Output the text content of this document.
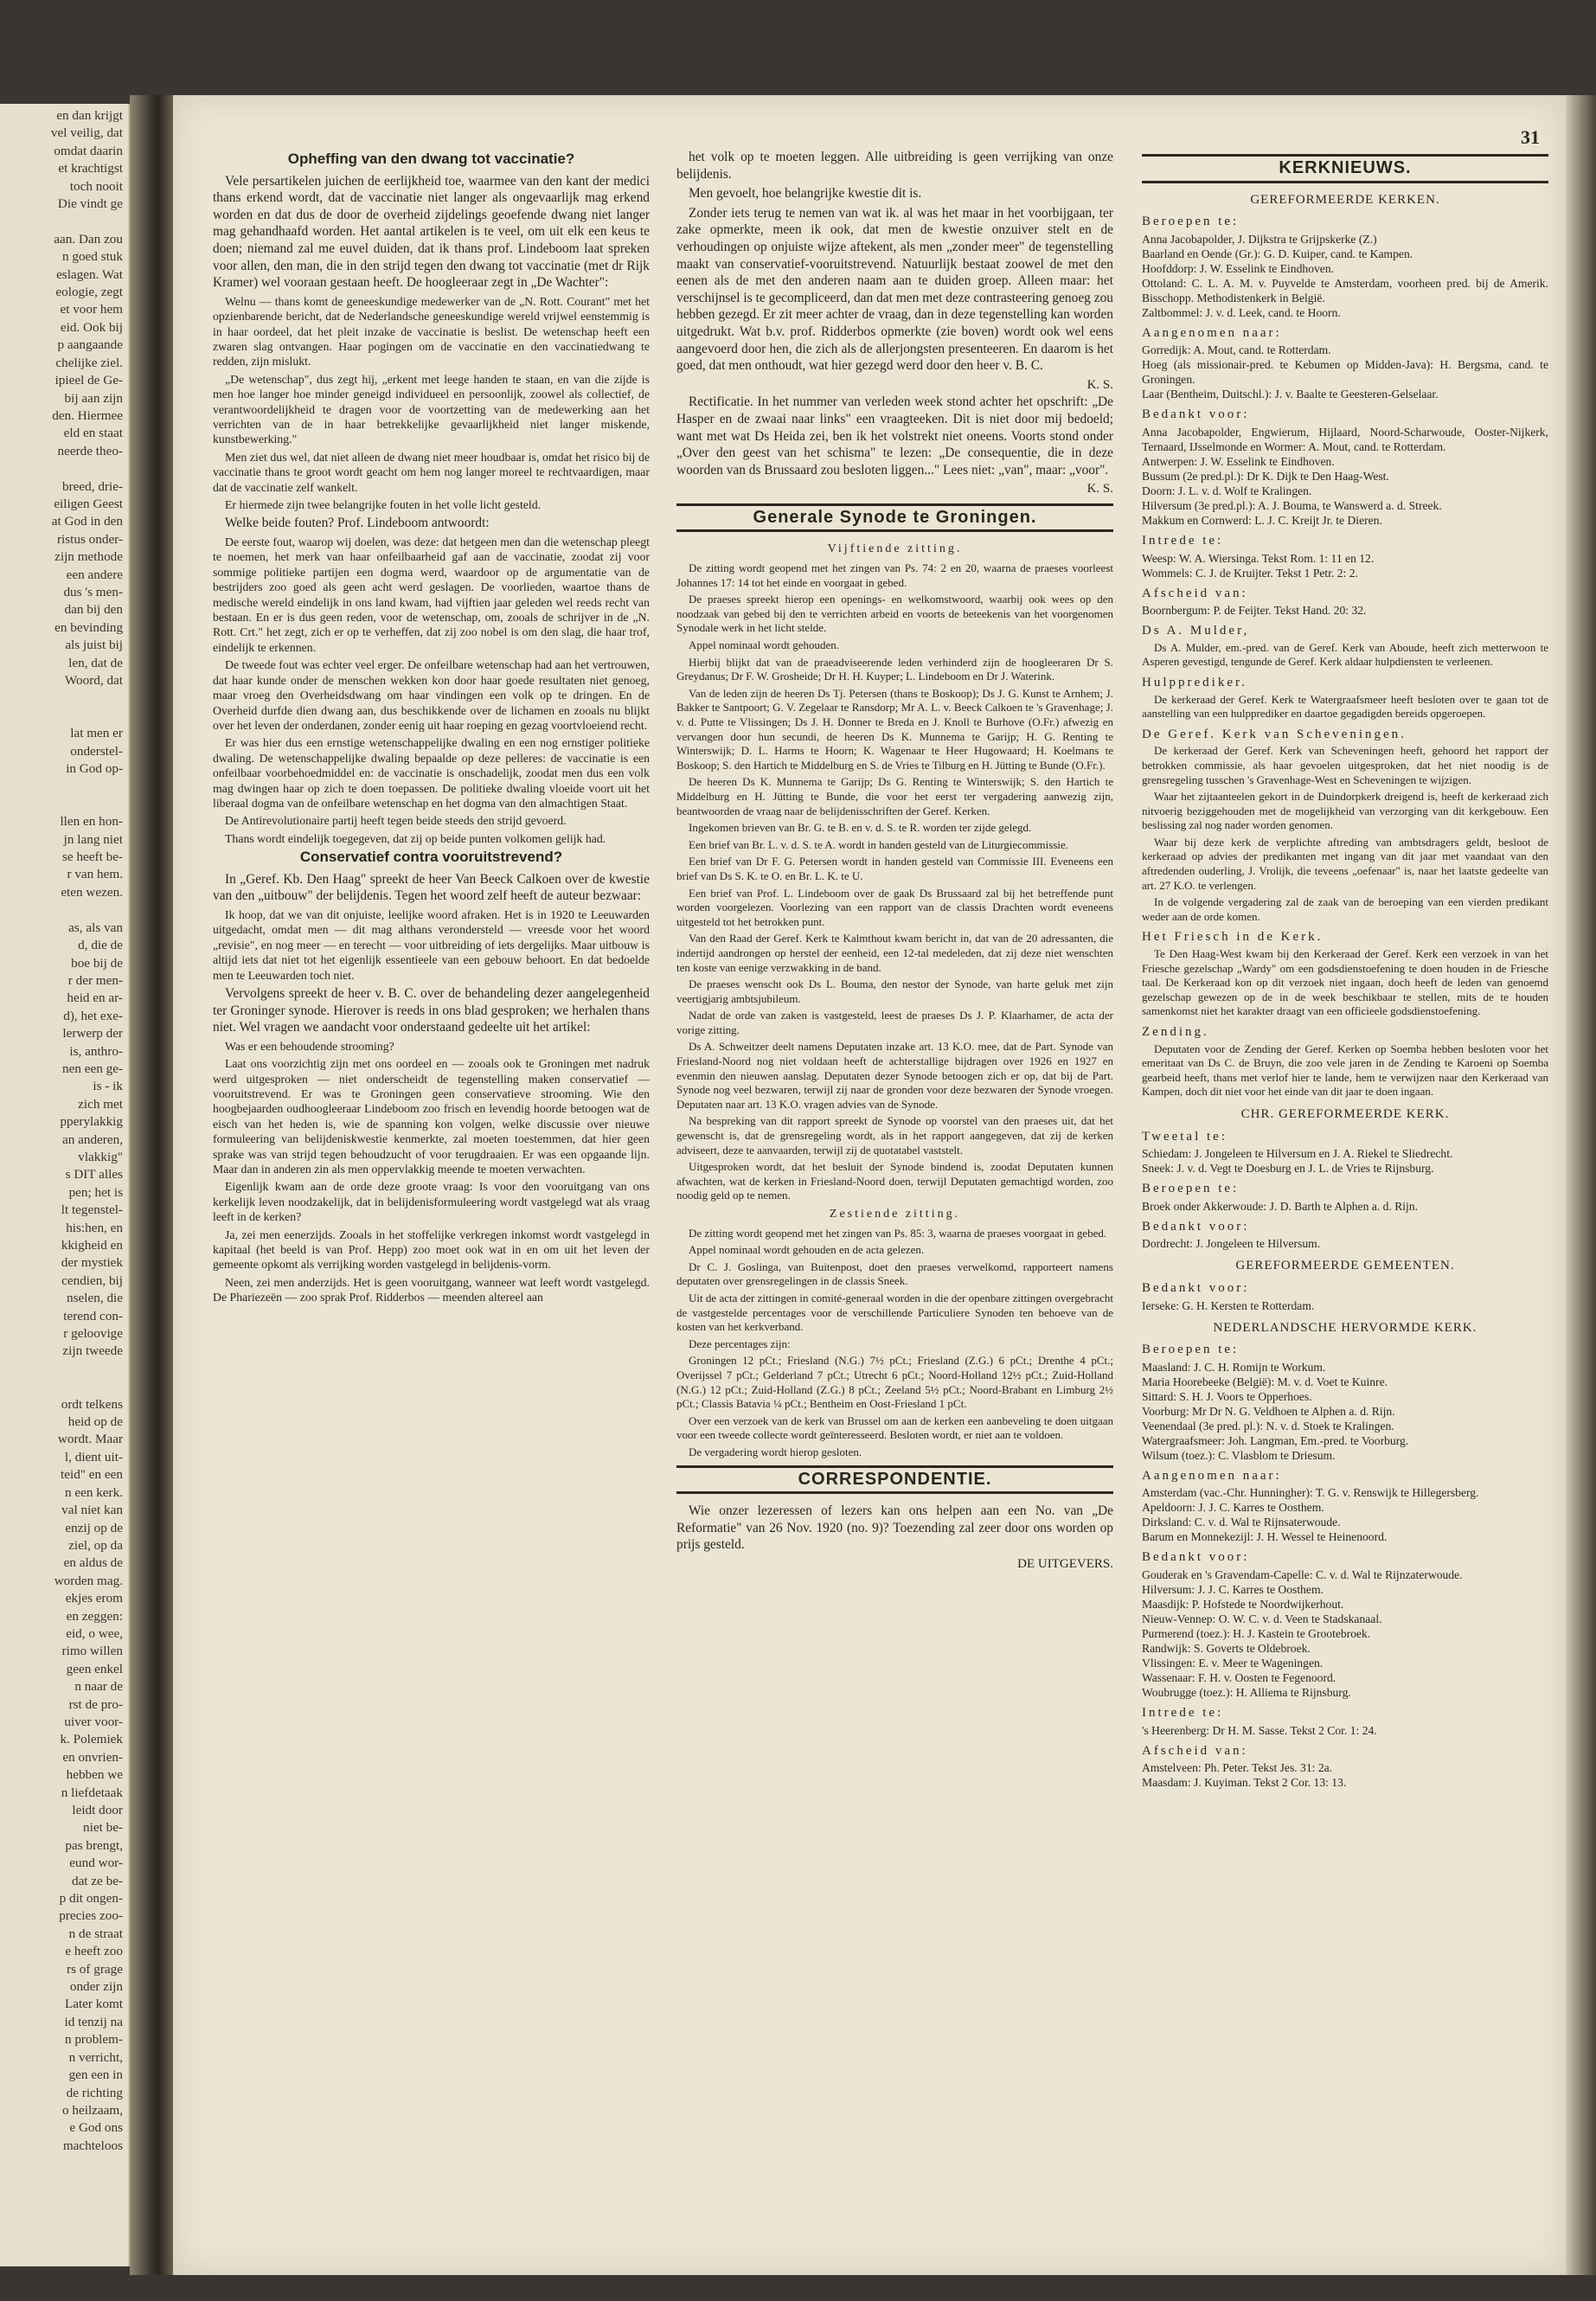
en dan krijgt
vel veilig, dat
omdat daarin
et krachtigst
toch nooit
Die vindt ge

aan. Dan zou
n goed stuk
eslagen. Wat
eologie, zegt
et voor hem
eid. Ook bij
p aangaande
chelijke ziel.
ipieel de Ge-
bij aan zijn
den. Hiermee
eld en staat
neerde theo-

breed, drie-
eiligen Geest
at God in den
ristus onder-
zijn methode
een andere
dus 's men-
dan bij den
en bevinding
als juist bij
len, dat de
Woord, dat

lat men er
onderstel-
in God op-

llen en hon-
jn lang niet
se heeft be-
r van hem.
eten wezen.

as, als van
d, die de
boe bij de
r der men-
heid en ar-
d), het exe-
lerwerp der
is, anthro-
nen een ge-
is - ik
zich met
pperylakkig
an anderen,
vlakkig"
s DIT alles
pen; het is
lt tegenstel-
his:hen, en
kkigheid en
der mystiek
cendien, bij
nselen, die
terend con-
r geloovige
zijn tweede

ordt telkens
heid op de
wordt. Maar
l, dient uit-
teid" en een
n een kerk.
val niet kan
enzij op de
ziel, op da
en aldus de
worden mag.
ekjes erom
en zeggen:
eid, o wee,
rimo willen
geen enkel
n naar de
rst de pro-
uiver voor-
k. Polemiek
en onvrien-
hebben we
n liefdetaak
leidt door
niet be-
pas brengt,
eund wor-
dat ze be-
p dit ongen-
precies zoo-
n de straat
e heeft zoo
rs of grage
onder zijn
Later komt
id tenzij na
n problem-
n verricht,
gen een in
de richting
o heilzaam,
e God ons
machteloos
31
Opheffing van den dwang tot vaccinatie?

Vele persartikelen juichen de eerlijkheid toe, waarmee van den kant der medici thans erkend wordt, dat de vaccinatie niet langer als ongevaarlijk mag erkend worden en dat dus de door de overheid zijdelings geoefende dwang niet langer mag gehandhaafd worden. Het aantal artikelen is te veel, om uit elk een keus te doen; niemand zal me euvel duiden, dat ik thans prof. Lindeboom laat spreken voor allen, den man, die in den strijd tegen den dwang tot vaccinatie (met dr Rijk Kramer) wel vooraan gestaan heeft. De hoogleeraar zegt in „De Wachter":

Welnu — thans komt de geneeskundige medewerker van de „N. Rott. Courant" met het opzienbarende bericht, dat de Nederlandsche geneeskundige wereld vrijwel eenstemmig is in haar oordeel, dat het pleit inzake de vaccinatie is beslist. De wetenschap heeft een zwaren slag ontvangen. Haar pogingen om de vaccinatie en den vaccinatiedwang te redden, zijn mislukt.

„De wetenschap", dus zegt hij, „erkent met leege handen te staan, en van die zijde is men hoe langer hoe minder geneigd individueel en persoonlijk, zoowel als collectief, de verantwoordelijkheid te dragen voor de voortzetting van de medewerking aan het verrichten van de in haar betrekkelijke gevaarlijkheid niet langer miskende, kunstbewerking."

Men ziet dus wel, dat niet alleen de dwang niet meer houdbaar is, omdat het risico bij de vaccinatie thans te groot wordt geacht om hem nog langer moreel te rechtvaardigen, maar dat de vaccinatie zelf wankelt.

Er hiermede zijn twee belangrijke fouten in het volle licht gesteld.

Welke beide fouten? Prof. Lindeboom antwoordt:

De eerste fout, waarop wij doelen, was deze: dat hetgeen men dan die wetenschap pleegt te noemen, het merk van haar onfeilbaarheid gaf aan de vaccinatie, zoodat zij voor sommige politieke partijen een dogma werd, waardoor op de argumentatie van de bestrijders zoo goed als geen acht werd geslagen. De voorlieden, waartoe thans de medische wereld eindelijk in ons land kwam, had vijftien jaar geleden wel reeds recht van bestaan. En er is dus geen reden, voor de wetenschap, om, zooals de schrijver in de „N. Rott. Crt." het zegt, zich er op te verheffen, dat zij zoo nobel is om den slag, die haar trof, eindelijk te erkennen.

De tweede fout was echter veel erger. De onfeilbare wetenschap had aan het vertrouwen, dat haar kunde onder de menschen wekken kon door haar goede resultaten niet genoeg, maar vroeg den Overheidsdwang om haar vindingen een volk op te dringen. En de Overheid durfde dien dwang aan, dus beschikkende over de lichamen en zooals nu blijkt over het leven der onderdanen, zonder eenig uit haar roeping en gezag voortvloeiend recht.

Er was hier dus een ernstige wetenschappelijke dwaling en een nog ernstiger politieke dwaling. De wetenschappelijke dwaling bepaalde op deze pelleres: de vaccinatie is een onfeilbaar voorbehoedmiddel en: de vaccinatie is onschadelijk, zoodat men dus een volk mag dwingen haar op zich te doen toepassen. De politieke dwaling vloeide voort uit het liberaal dogma van de onfeilbare wetenschap en het dogma van den almachtigen Staat.

De Antirevolutionaire partij heeft tegen beide steeds den strijd gevoerd.

Thans wordt eindelijk toegegeven, dat zij op beide punten volkomen gelijk had.

Conservatief contra vooruitstrevend?

In „Geref. Kb. Den Haag" spreekt de heer Van Beeck Calkoen over de kwestie van den „uitbouw" der belijdenis. Tegen het woord zelf heeft de auteur bezwaar:

Ik hoop, dat we van dit onjuiste, leelijke woord afraken. Het is in 1920 te Leeuwarden uitgedacht, omdat men — dit mag althans verondersteld — vreesde voor het woord „revisie", en nog meer — en terecht — voor uitbreiding of iets dergelijks. Maar uitbouw is altijd iets dat niet tot het eigenlijk essentieele van een gebouw behoort. En dat bedoelde men te Leeuwarden toch niet.

Vervolgens spreekt de heer v. B. C. over de behandeling dezer aangelegenheid ter Groninger synode. Hierover is reeds in ons blad gesproken; we herhalen thans niet. Wel vragen we aandacht voor onderstaand gedeelte uit het artikel:

Was er een behoudende strooming?

Laat ons voorzichtig zijn met ons oordeel en — zooals ook te Groningen met nadruk werd uitgesproken — niet onderscheidt de tegenstelling maken conservatief — vooruitstrevend. Er was te Groningen geen conservatieve strooming. Wie den hoogbejaarden oudhoogleeraar Lindeboom zoo frisch en levendig hoorde betoogen wat de eisch van het heden is, wie de spanning kon volgen, welke discussie over nieuwe formuleering van belijdeniskwestie kenmerkte, zal moeten toestemmen, dat hier geen sprake was van strijd tegen behoudzucht of voor terugdraaien. Er was een opgaande lijn. Maar dan in anderen zin als men oppervlakkig meende te moeten verwachten.

Eigenlijk kwam aan de orde deze groote vraag: Is voor den vooruitgang van ons kerkelijk leven noodzakelijk, dat in belijdenisformuleering wordt vastgelegd wat als vraag leeft in de kerken?

Ja, zei men eenerzijds. Zooals in het stoffelijke verkregen inkomst wordt vastgelegd in kapitaal (het beeld is van Prof. Hepp) zoo moet ook wat in en om uit het leven der gemeente opkomt als verrijking worden vastgelegd in belijdenis-vorm.

Neen, zei men anderzijds. Het is geen vooruitgang, wanneer wat leeft wordt vastgelegd. De Phariezeën — zoo sprak Prof. Ridderbos — meenden altereel aan

het volk op te moeten leggen. Alle uitbreiding is geen verrijking van onze belijdenis.

Men gevoelt, hoe belangrijke kwestie dit is.

Zonder iets terug te nemen van wat ik. al was het maar in het voorbijgaan, ter zake opmerkte, meen ik ook, dat men de kwestie onzuiver stelt en de verhoudingen op onjuiste wijze aftekent, als men „zonder meer" de tegenstelling maakt van conservatief-vooruitstrevend. Natuurlijk bestaat zoowel de met den eenen als de met den anderen naam aan te duiden groep. Alleen maar: het verschijnsel is te gecompliceerd, dan dat men met deze contrasteering genoeg zou hebben gezegd. Er zit meer achter de vraag, dan in deze tegenstelling kan worden uitgedrukt. Wat b.v. prof. Ridderbos opmerkte (zie boven) wordt ook wel eens aangevoerd door hen, die zich als de allerjongsten presenteeren. En daarom is het goed, dat men onthoudt, wat hier gezegd werd door den heer v. B. C.

K. S.

Rectificatie. In het nummer van verleden week stond achter het opschrift: „De Hasper en de zwaai naar links" een vraagteeken. Dit is niet door mij bedoeld; want met wat Ds Heida zei, ben ik het volstrekt niet oneens. Voorts stond onder „Over den geest van het schisma" te lezen: „De consequentie, die in deze woorden van ds Brussaard zou besloten liggen..." Lees niet: „van", maar: „voor".

K. S.
Generale Synode te Groningen.
Vijftiende zitting.

De zitting wordt geopend met het zingen van Ps. 74: 2 en 20, waarna de praeses voorleest Johannes 17: 14 tot het einde en voorgaat in gebed.

De praeses spreekt hierop een openings- en welkomstwoord, waarbij ook wees op den noodzaak van gebed bij den te verrichten arbeid en voorts de beteekenis van het voorgenomen Synodale werk in het licht stelde.

Appel nominaal wordt gehouden.

Hierbij blijkt dat van de praeadviseerende leden verhinderd zijn de hoogleeraren Dr S. Greydanus; Dr F. W. Grosheide; Dr H. H. Kuyper; L. Lindeboom en Dr J. Waterink.

Van de leden zijn de heeren Ds Tj. Petersen (thans te Boskoop); Ds J. G. Kunst te Arnhem; J. Bakker te Santpoort; G. V. Zegelaar te Ransdorp; Mr A. L. v. Beeck Calkoen te 's Gravenhage; J. v. d. Putte te Vlissingen; Ds J. H. Donner te Breda en J. Knoll te Burhove (O.Fr.) afwezig en vervangen door hun secundi, de heeren Ds K. Munnema te Garijp; H. G. Renting te Winterswijk; D. L. Harms te Hoorn; K. Wagenaar te Heer Hugowaard; H. Koelmans te Boskoop; S. den Hartich te Middelburg en S. de Vries te Tilburg en H. Jütting te Bunde (O.Fr.).

De heeren Ds K. Munnema te Garijp; Ds G. Renting te Winterswijk; S. den Hartich te Middelburg en H. Jütting te Bunde, die voor het eerst ter vergadering aanwezig zijn, beantwoorden de vraag naar de belijdenisschriften der Geref. Kerken.

Ingekomen brieven van Br. G. te B. en v. d. S. te R. worden ter zijde gelegd.

Een brief van Br. L. v. d. S. te A. wordt in handen gesteld van de Liturgiecommissie.

Een brief van Dr F. G. Petersen wordt in handen gesteld van Commissie III. Eveneens een brief van Ds S. K. te O. en Br. L. K. te U.

Een brief van Prof. L. Lindeboom over de gaak Ds Brussaard zal bij het betreffende punt worden voorgelezen. Voorlezing van een rapport van de classis Drachten wordt eveneens uitgesteld tot het betrokken punt.

Van den Raad der Geref. Kerk te Kalmthout kwam bericht in, dat van de 20 adressanten, die indertijd aandrongen op herstel der eenheid, een 12-tal medeleden, dat zij deze niet wenschten ten koste van eenige verzwakking in de band.

De praeses wenscht ook Ds L. Bouma, den nestor der Synode, van harte geluk met zijn veertigjarig ambtsjubileum.

Nadat de orde van zaken is vastgesteld, leest de praeses Ds J. P. Klaarhamer, de acta der vorige zitting.

Ds A. Schweitzer deelt namens Deputaten inzake art. 13 K.O. mee, dat de Part. Synode van Friesland-Noord nog niet voldaan heeft de achterstallige bijdragen over 1926 en 1927 en evenmin den nieuwen aanslag. Deputaten dezer Synode betoogen zich er op, dat bij de Part. Synode nog veel bezwaren, terwijl zij naar de gronden voor deze bezwaren der Synode vroegen. Deputaten naar art. 13 K.O. vragen advies van de Synode.

Na bespreking van dit rapport spreekt de Synode op voorstel van den praeses uit, dat het gewenscht is, dat de grensregeling wordt, als in het rapport aangegeven, dat zij de kerken adviseert, deze te aanvaarden, terwijl zij de quotatabel vaststelt.

Uitgesproken wordt, dat het besluit der Synode bindend is, zoodat Deputaten kunnen afwachten, wat de kerken in Friesland-Noord doen, terwijl Deputaten gemachtigd worden, zoo noodig geld op te nemen.

Zestiende zitting.

De zitting wordt geopend met het zingen van Ps. 85: 3, waarna de praeses voorgaat in gebed.

Appel nominaal wordt gehouden en de acta gelezen.

Dr C. J. Goslinga, van Buitenpost, doet den praeses verwelkomd, rapporteert namens deputaten over grensregelingen in de classis Sneek.

Uit de acta der zittingen in comité-generaal worden in die der openbare zittingen overgebracht de vastgestelde percentages voor de verschillende Particuliere Synoden ten behoeve van de kosten van het kerkverband.

Deze percentages zijn:

Groningen 12 pCt.; Friesland (N.G.) 7½ pCt.; Friesland (Z.G.) 6 pCt.; Drenthe 4 pCt.; Overijssel 7 pCt.; Gelderland 7 pCt.; Utrecht 6 pCt.; Noord-Holland 12½ pCt.; Zuid-Holland (N.G.) 12 pCt.; Zuid-Holland (Z.G.) 8 pCt.; Zeeland 5½ pCt.; Noord-Brabant en Limburg 2½ pCt.; Classis Batavia ¼ pCt.; Bentheim en Oost-Friesland 1 pCt.

Over een verzoek van de kerk van Brussel om aan de kerken een aanbeveling te doen uitgaan voor een tweede collecte wordt geïnteresseerd. Besloten wordt, er niet aan te voldoen.

De vergadering wordt hierop gesloten.

CORRESPONDENTIE.

Wie onzer lezeressen of lezers kan ons helpen aan een No. van „De Reformatie" van 26 Nov. 1920 (no. 9)? Toezending zal zeer door ons worden op prijs gesteld.

DE UITGEVERS.
KERKNIEUWS.
GEREFORMEERDE KERKEN.
Beroepen te:
Anna Jacobapolder, J. Dijkstra te Grijpskerke (Z.)
Baarland en Oende (Gr.): G. D. Kuiper, cand. te Kampen.
Hoofddorp: J. W. Esselink te Eindhoven.
Ottoland: C. L. A. M. v. Puyvelde te Amsterdam, voorheen pred. bij de Amerik. Bisschopp. Methodistenkerk in België.
Zaltbommel: J. v. d. Leek, cand. te Hoorn.
Aangenomen naar:
Gorredijk: A. Mout, cand. te Rotterdam.
Hoeg (als missionair-pred. te Kebumen op Midden-Java): H. Bergsma, cand. te Groningen.
Laar (Bentheim, Duitschl.): J. v. Baalte te Geesteren-Gelselaar.
Bedankt voor:
Anna Jacobapolder, Engwierum, Hijlaard, Noord-Scharwoude, Ooster-Nijkerk, Ternaard, IJsselmonde en Wormer: A. Mout, cand. te Rotterdam.
Antwerpen: J. W. Esselink te Eindhoven.
Bussum (2e pred.pl.): Dr K. Dijk te Den Haag-West.
Doorn: J. L. v. d. Wolf te Kralingen.
Hilversum (3e pred.pl.): A. J. Bouma, te Wanswerd a. d. Streek.
Makkum en Cornwerd: L. J. C. Kreijt Jr. te Dieren.
Intrede te:
Weesp: W. A. Wiersinga. Tekst Rom. 1: 11 en 12.
Wommels: C. J. de Kruijter. Tekst 1 Petr. 2: 2.
Afscheid van:
Boornbergum: P. de Feijter. Tekst Hand. 20: 32.
Ds A. Mulder,

Ds A. Mulder, em.-pred. van de Geref. Kerk van Aboude, heeft zich metterwoon te Asperen gevestigd, tengunde de Geref. Kerk aldaar hulpdiensten te verleenen.

Hulpprediker.

De kerkeraad der Geref. Kerk te Watergraafsmeer heeft besloten over te gaan tot de aanstelling van een hulpprediker en daartoe gegadigden bereids opgeroepen.

De Geref. Kerk van Scheveningen.

De kerkeraad der Geref. Kerk van Scheveningen heeft, gehoord het rapport der betrokken commissie, als haar gevoelen uitgesproken, dat het niet noodig is de grensregeling tusschen 's Gravenhage-West en Scheveningen te wijzigen.

Waar het zijtaanteelen gekort in de Duindorpkerk dreigend is, heeft de kerkeraad zich nitvoerig beziggehouden met de mogelijkheid van verzorging van dit kerkgebouw. Een beslissing zal nog nader worden genomen.

Waar bij deze kerk de verplichte aftreding van ambtsdragers geldt, besloot de kerkeraad op advies der predikanten met ingang van dit jaar met vaandaat van den aftredenden ouderling, J. Vrolijk, die teveens „oefenaar" is, naar het laatste gedeelte van art. 27 K.O. te verlengen.

In de volgende vergadering zal de zaak van de beroeping van een vierden predikant weder aan de orde komen.

Het Friesch in de Kerk.

Te Den Haag-West kwam bij den Kerkeraad der Geref. Kerk een verzoek in van het Friesche gezelschap „Wardy" om een godsdienstoefening te doen houden in de Friesche taal. De Kerkeraad kon op dit verzoek niet ingaan, doch heeft de leden van genoemd gezelschap gewezen op de in de week beschikbaar te stellen, mits de te houden samenkomst niet het karakter draagt van een officieele godsdienstoefening.

Zending.

Deputaten voor de Zending der Geref. Kerken op Soemba hebben besloten voor het emeritaat van Ds C. de Bruyn, die zoo vele jaren in de Zending te Karoeni op Soemba gearbeid heeft, thans met verlof hier te lande, hem te verwijzen naar den Kerkeraad van Kampen, doch dit niet voor het einde van dit jaar te doen ingaan.

CHR. GEREFORMEERDE KERK.
Tweetal te:
Schiedam: J. Jongeleen te Hilversum en J. A. Riekel te Sliedrecht.
Sneek: J. v. d. Vegt te Doesburg en J. L. de Vries te Rijnsburg.
Beroepen te:
Broek onder Akkerwoude: J. D. Barth te Alphen a. d. Rijn.
Bedankt voor:
Dordrecht: J. Jongeleen te Hilversum.
GEREFORMEERDE GEMEENTEN.
Bedankt voor:
Ierseke: G. H. Kersten te Rotterdam.
NEDERLANDSCHE HERVORMDE KERK.
Beroepen te:
Maasland: J. C. H. Romijn te Workum.
Maria Hoorebeeke (België): M. v. d. Voet te Kuinre.
Sittard: S. H. J. Voors te Opperhoes.
Voorburg: Mr Dr N. G. Veldhoen te Alphen a. d. Rijn.
Veenendaal (3e pred. pl.): N. v. d. Stoek te Kralingen.
Watergraafsmeer: Joh. Langman, Em.-pred. te Voorburg.
Wilsum (toez.): C. Vlasblom te Driesum.
Aangenomen naar:
Amsterdam (vac.-Chr. Hunningher): T. G. v. Renswijk te Hillegersberg.
Apeldoorn: J. J. C. Karres te Oosthem.
Dirksland: C. v. d. Wal te Rijnsaterwoude.
Barum en Monnekezijl: J. H. Wessel te Heinenoord.
Bedankt voor:
Gouderak en 's Gravendam-Capelle: C. v. d. Wal te Rijnzaterwoude.
Hilversum: J. J. C. Karres te Oosthem.
Maasdijk: P. Hofstede te Noordwijkerhout.
Nieuw-Vennep: O. W. C. v. d. Veen te Stadskanaal.
Purmerend (toez.): H. J. Kastein te Grootebroek.
Randwijk: S. Goverts te Oldebroek.
Vlissingen: E. v. Meer te Wageningen.
Wassenaar: F. H. v. Oosten te Fegenoord.
Woubrugge (toez.): H. Alliema te Rijnsburg.
Intrede te:
's Heerenberg: Dr H. M. Sasse. Tekst 2 Cor. 1: 24.
Afscheid van:
Amstelveen: Ph. Peter. Tekst Jes. 31: 2a.
Maasdam: J. Kuyiman. Tekst 2 Cor. 13: 13.
